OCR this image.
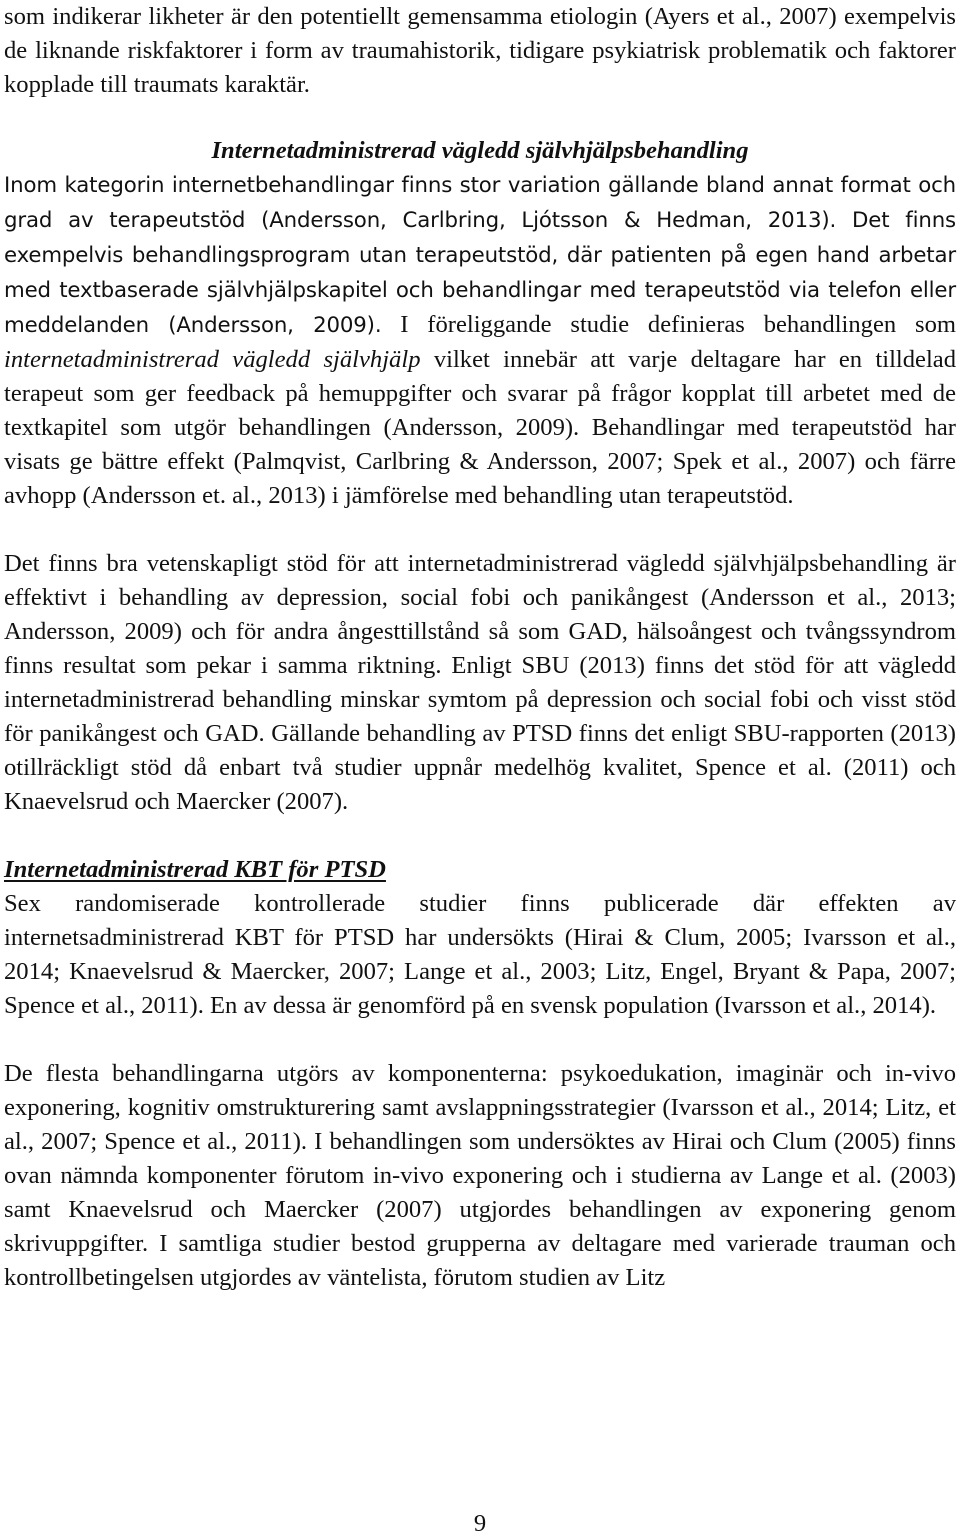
som indikerar likheter är den potentiellt gemensamma etiologin (Ayers et al., 2007) exempelvis de liknande riskfaktorer i form av traumahistorik, tidigare psykiatrisk problematik och faktorer kopplade till traumats karaktär.

Internetadministrerad vägledd självhjälpsbehandling

Inom kategorin internetbehandlingar finns stor variation gällande bland annat format och grad av terapeutstöd (Andersson, Carlbring, Ljótsson & Hedman, 2013). Det finns exempelvis behandlingsprogram utan terapeutstöd, där patienten på egen hand arbetar med textbaserade självhjälpskapitel och behandlingar med terapeutstöd via telefon eller meddelanden (Andersson, 2009). I föreliggande studie definieras behandlingen som internetadministrerad vägledd självhjälp vilket innebär att varje deltagare har en tilldelad terapeut som ger feedback på hemuppgifter och svarar på frågor kopplat till arbetet med de textkapitel som utgör behandlingen (Andersson, 2009). Behandlingar med terapeutstöd har visats ge bättre effekt (Palmqvist, Carlbring & Andersson, 2007; Spek et al., 2007) och färre avhopp (Andersson et. al., 2013) i jämförelse med behandling utan terapeutstöd.

Det finns bra vetenskapligt stöd för att internetadministrerad vägledd självhjälpsbehandling är effektivt i behandling av depression, social fobi och panikångest (Andersson et al., 2013; Andersson, 2009) och för andra ångesttillstånd så som GAD, hälsoångest och tvångssyndrom finns resultat som pekar i samma riktning. Enligt SBU (2013) finns det stöd för att vägledd internetadministrerad behandling minskar symtom på depression och social fobi och visst stöd för panikångest och GAD. Gällande behandling av PTSD finns det enligt SBU-rapporten (2013) otillräckligt stöd då enbart två studier uppnår medelhög kvalitet, Spence et al. (2011) och Knaevelsrud och Maercker (2007).

Internetadministrerad KBT för PTSD

Sex randomiserade kontrollerade studier finns publicerade där effekten av internetsadministrerad KBT för PTSD har undersökts (Hirai & Clum, 2005; Ivarsson et al., 2014; Knaevelsrud & Maercker, 2007; Lange et al., 2003; Litz, Engel, Bryant & Papa, 2007; Spence et al., 2011). En av dessa är genomförd på en svensk population (Ivarsson et al., 2014).

De flesta behandlingarna utgörs av komponenterna: psykoedukation, imaginär och in-vivo exponering, kognitiv omstrukturering samt avslappningsstrategier (Ivarsson et al., 2014; Litz, et al., 2007; Spence et al., 2011). I behandlingen som undersöktes av Hirai och Clum (2005) finns ovan nämnda komponenter förutom in-vivo exponering och i studierna av Lange et al. (2003) samt Knaevelsrud och Maercker (2007) utgjordes behandlingen av exponering genom skrivuppgifter. I samtliga studier bestod grupperna av deltagare med varierade trauman och kontrollbetingelsen utgjordes av väntelista, förutom studien av Litz

9
